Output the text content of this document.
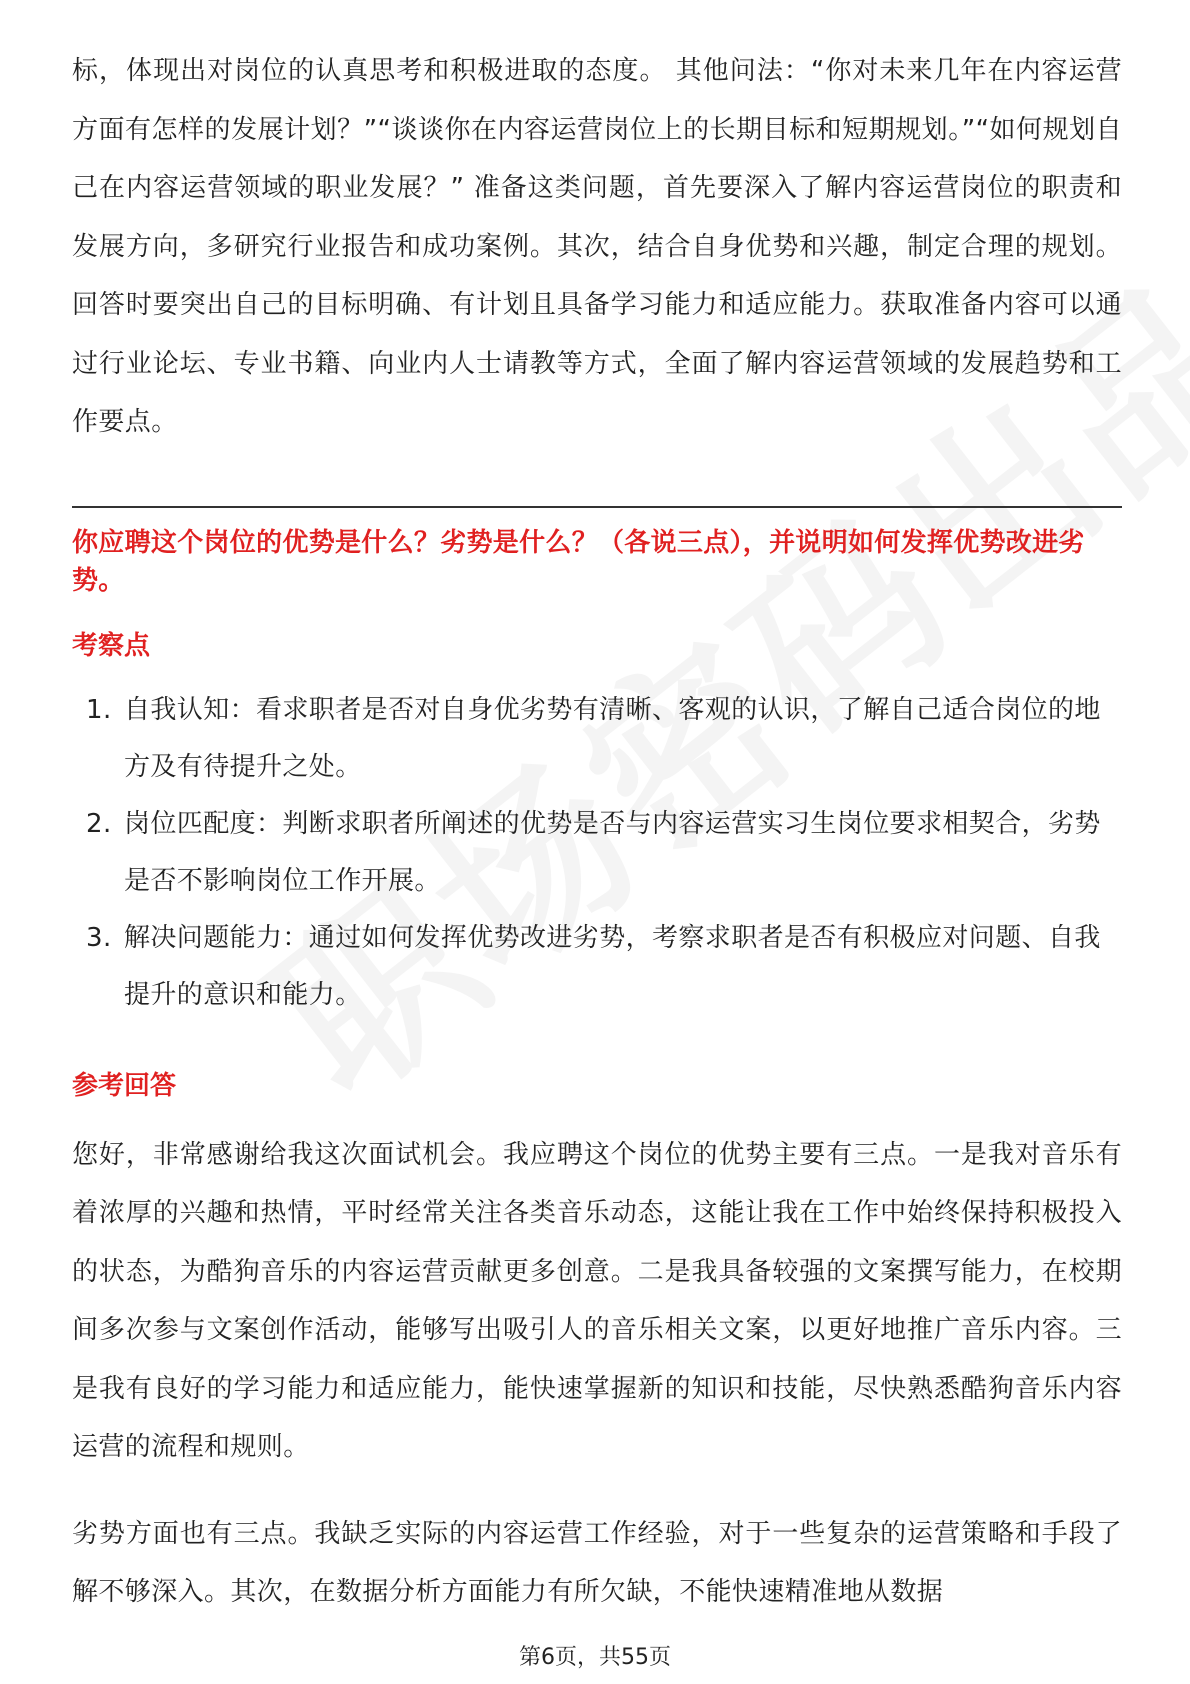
标，体现出对岗位的认真思考和积极进取的态度。 其他问法：“你对未来几年在内容运营方面有怎样的发展计划？”“谈谈你在内容运营岗位上的长期目标和短期规划。”“如何规划自己在内容运营领域的职业发展？” 准备这类问题，首先要深入了解内容运营岗位的职责和发展方向，多研究行业报告和成功案例。其次，结合自身优势和兴趣，制定合理的规划。回答时要突出自己的目标明确、有计划且具备学习能力和适应能力。获取准备内容可以通过行业论坛、专业书籍、向业内人士请教等方式，全面了解内容运营领域的发展趋势和工作要点。

你应聘这个岗位的优势是什么？劣势是什么？（各说三点），并说明如何发挥优势改进劣势。
考察点
1. 自我认知：看求职者是否对自身优劣势有清晰、客观的认识，了解自己适合岗位的地方及有待提升之处。
2. 岗位匹配度：判断求职者所阐述的优势是否与内容运营实习生岗位要求相契合，劣势是否不影响岗位工作开展。
3. 解决问题能力：通过如何发挥优势改进劣势，考察求职者是否有积极应对问题、自我提升的意识和能力。
参考回答

您好，非常感谢给我这次面试机会。我应聘这个岗位的优势主要有三点。一是我对音乐有着浓厚的兴趣和热情，平时经常关注各类音乐动态，这能让我在工作中始终保持积极投入的状态，为酷狗音乐的内容运营贡献更多创意。二是我具备较强的文案撰写能力，在校期间多次参与文案创作活动，能够写出吸引人的音乐相关文案，以更好地推广音乐内容。三是我有良好的学习能力和适应能力，能快速掌握新的知识和技能，尽快熟悉酷狗音乐内容运营的流程和规则。

劣势方面也有三点。我缺乏实际的内容运营工作经验，对于一些复杂的运营策略和手段了解不够深入。其次，在数据分析方面能力有所欠缺，不能快速精准地从数据

第6页，共55页
